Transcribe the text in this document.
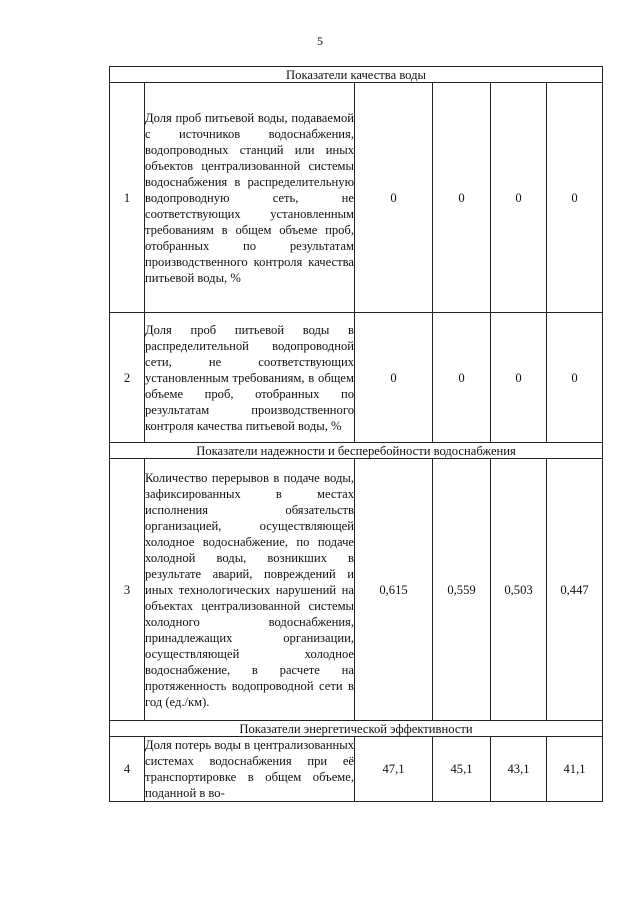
5
Показатели качества воды					
1	Доля проб питьевой воды, подаваемой с источников водоснабжения, водопроводных станций или иных объектов централизованной системы водоснабжения в распределительную водопроводную сеть, не соответствующих установленным требованиям в общем объеме проб, отобранных по результатам производственного контроля качества питьевой воды, %	0	0	0	0
2	Доля проб питьевой воды в распределительной водопроводной сети, не соответствующих установленным требованиям, в общем объеме проб, отобранных по результатам производственного контроля качества питьевой воды, %	0	0	0	0
Показатели надежности и бесперебойности водоснабжения					
3	Количество перерывов в подаче воды, зафиксированных в местах исполнения обязательств организацией, осуществляющей холодное водоснабжение, по подаче холодной воды, возникших в результате аварий, повреждений и иных технологических нарушений на объектах централизованной системы холодного водоснабжения, принадлежащих организации, осуществляющей холодное водоснабжение, в расчете на протяженность водопроводной сети в год (ед./км).	0,615	0,559	0,503	0,447
Показатели энергетической эффективности					
4	Доля потерь воды в централизованных системах водоснабжения при её транспортировке в общем объеме, поданной в во-	47,1	45,1	43,1	41,1
